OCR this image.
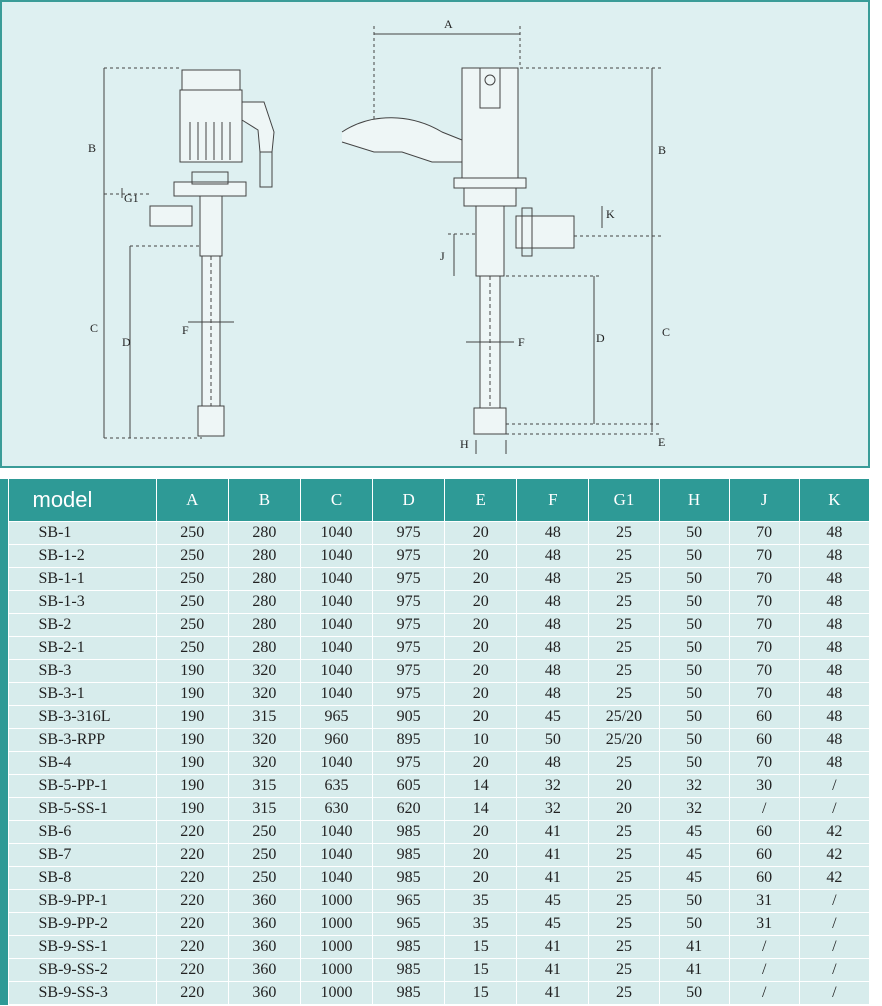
B
G1
C
D
F
A
B
K
J
C
D
F
H	E
	model	A	B	C	D	E	F	G1	H	J	K
	SB-1	250	280	1040	975	20	48	25	50	70	48
	SB-1-2	250	280	1040	975	20	48	25	50	70	48
	SB-1-1	250	280	1040	975	20	48	25	50	70	48
	SB-1-3	250	280	1040	975	20	48	25	50	70	48
	SB-2	250	280	1040	975	20	48	25	50	70	48
	SB-2-1	250	280	1040	975	20	48	25	50	70	48
	SB-3	190	320	1040	975	20	48	25	50	70	48
	SB-3-1	190	320	1040	975	20	48	25	50	70	48
	SB-3-316L	190	315	965	905	20	45	25/20	50	60	48
	SB-3-RPP	190	320	960	895	10	50	25/20	50	60	48
	SB-4	190	320	1040	975	20	48	25	50	70	48
	SB-5-PP-1	190	315	635	605	14	32	20	32	30	/
	SB-5-SS-1	190	315	630	620	14	32	20	32	/	/
	SB-6	220	250	1040	985	20	41	25	45	60	42
	SB-7	220	250	1040	985	20	41	25	45	60	42
	SB-8	220	250	1040	985	20	41	25	45	60	42
	SB-9-PP-1	220	360	1000	965	35	45	25	50	31	/
	SB-9-PP-2	220	360	1000	965	35	45	25	50	31	/
	SB-9-SS-1	220	360	1000	985	15	41	25	41	/	/
	SB-9-SS-2	220	360	1000	985	15	41	25	41	/	/
	SB-9-SS-3	220	360	1000	985	15	41	25	50	/	/
